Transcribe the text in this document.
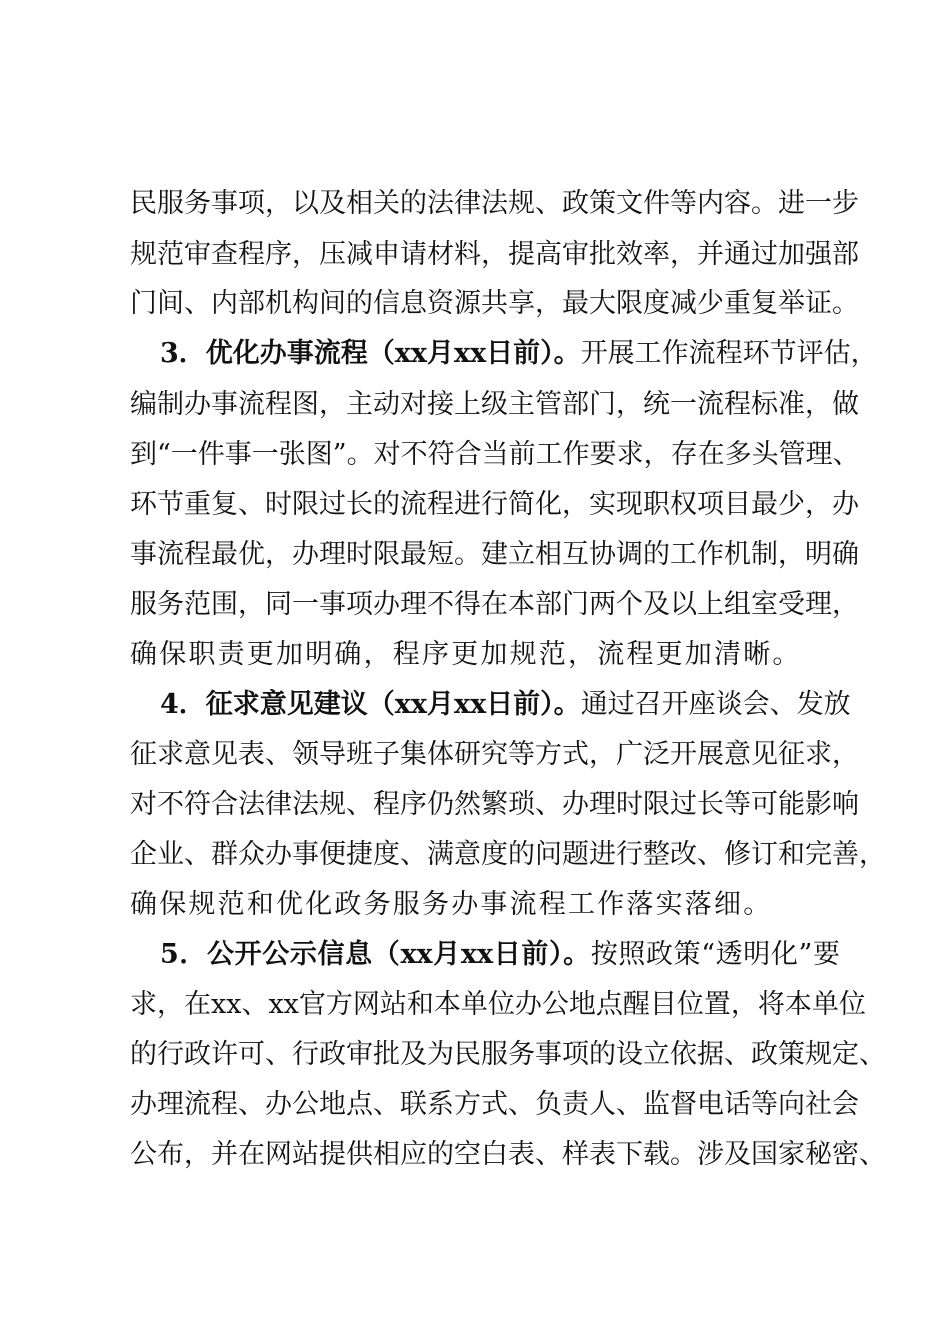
民服务事项，以及相关的法律法规、政策文件等内容。进一步
规范审查程序，压减申请材料，提高审批效率，并通过加强部
门间、内部机构间的信息资源共享，最大限度减少重复举证。
3．优化办事流程（xx月xx日前）。开展工作流程环节评估，
编制办事流程图，主动对接上级主管部门，统一流程标准，做
到“一件事一张图”。对不符合当前工作要求，存在多头管理、
环节重复、时限过长的流程进行简化，实现职权项目最少，办
事流程最优，办理时限最短。建立相互协调的工作机制，明确
服务范围，同一事项办理不得在本部门两个及以上组室受理，
确保职责更加明确，程序更加规范，流程更加清晰。
4．征求意见建议（xx月xx日前）。通过召开座谈会、发放
征求意见表、领导班子集体研究等方式，广泛开展意见征求，
对不符合法律法规、程序仍然繁琐、办理时限过长等可能影响
企业、群众办事便捷度、满意度的问题进行整改、修订和完善，
确保规范和优化政务服务办事流程工作落实落细。
5．公开公示信息（xx月xx日前）。按照政策“透明化”要
求，在xx、xx官方网站和本单位办公地点醒目位置，将本单位
的行政许可、行政审批及为民服务事项的设立依据、政策规定、
办理流程、办公地点、联系方式、负责人、监督电话等向社会
公布，并在网站提供相应的空白表、样表下载。涉及国家秘密、
